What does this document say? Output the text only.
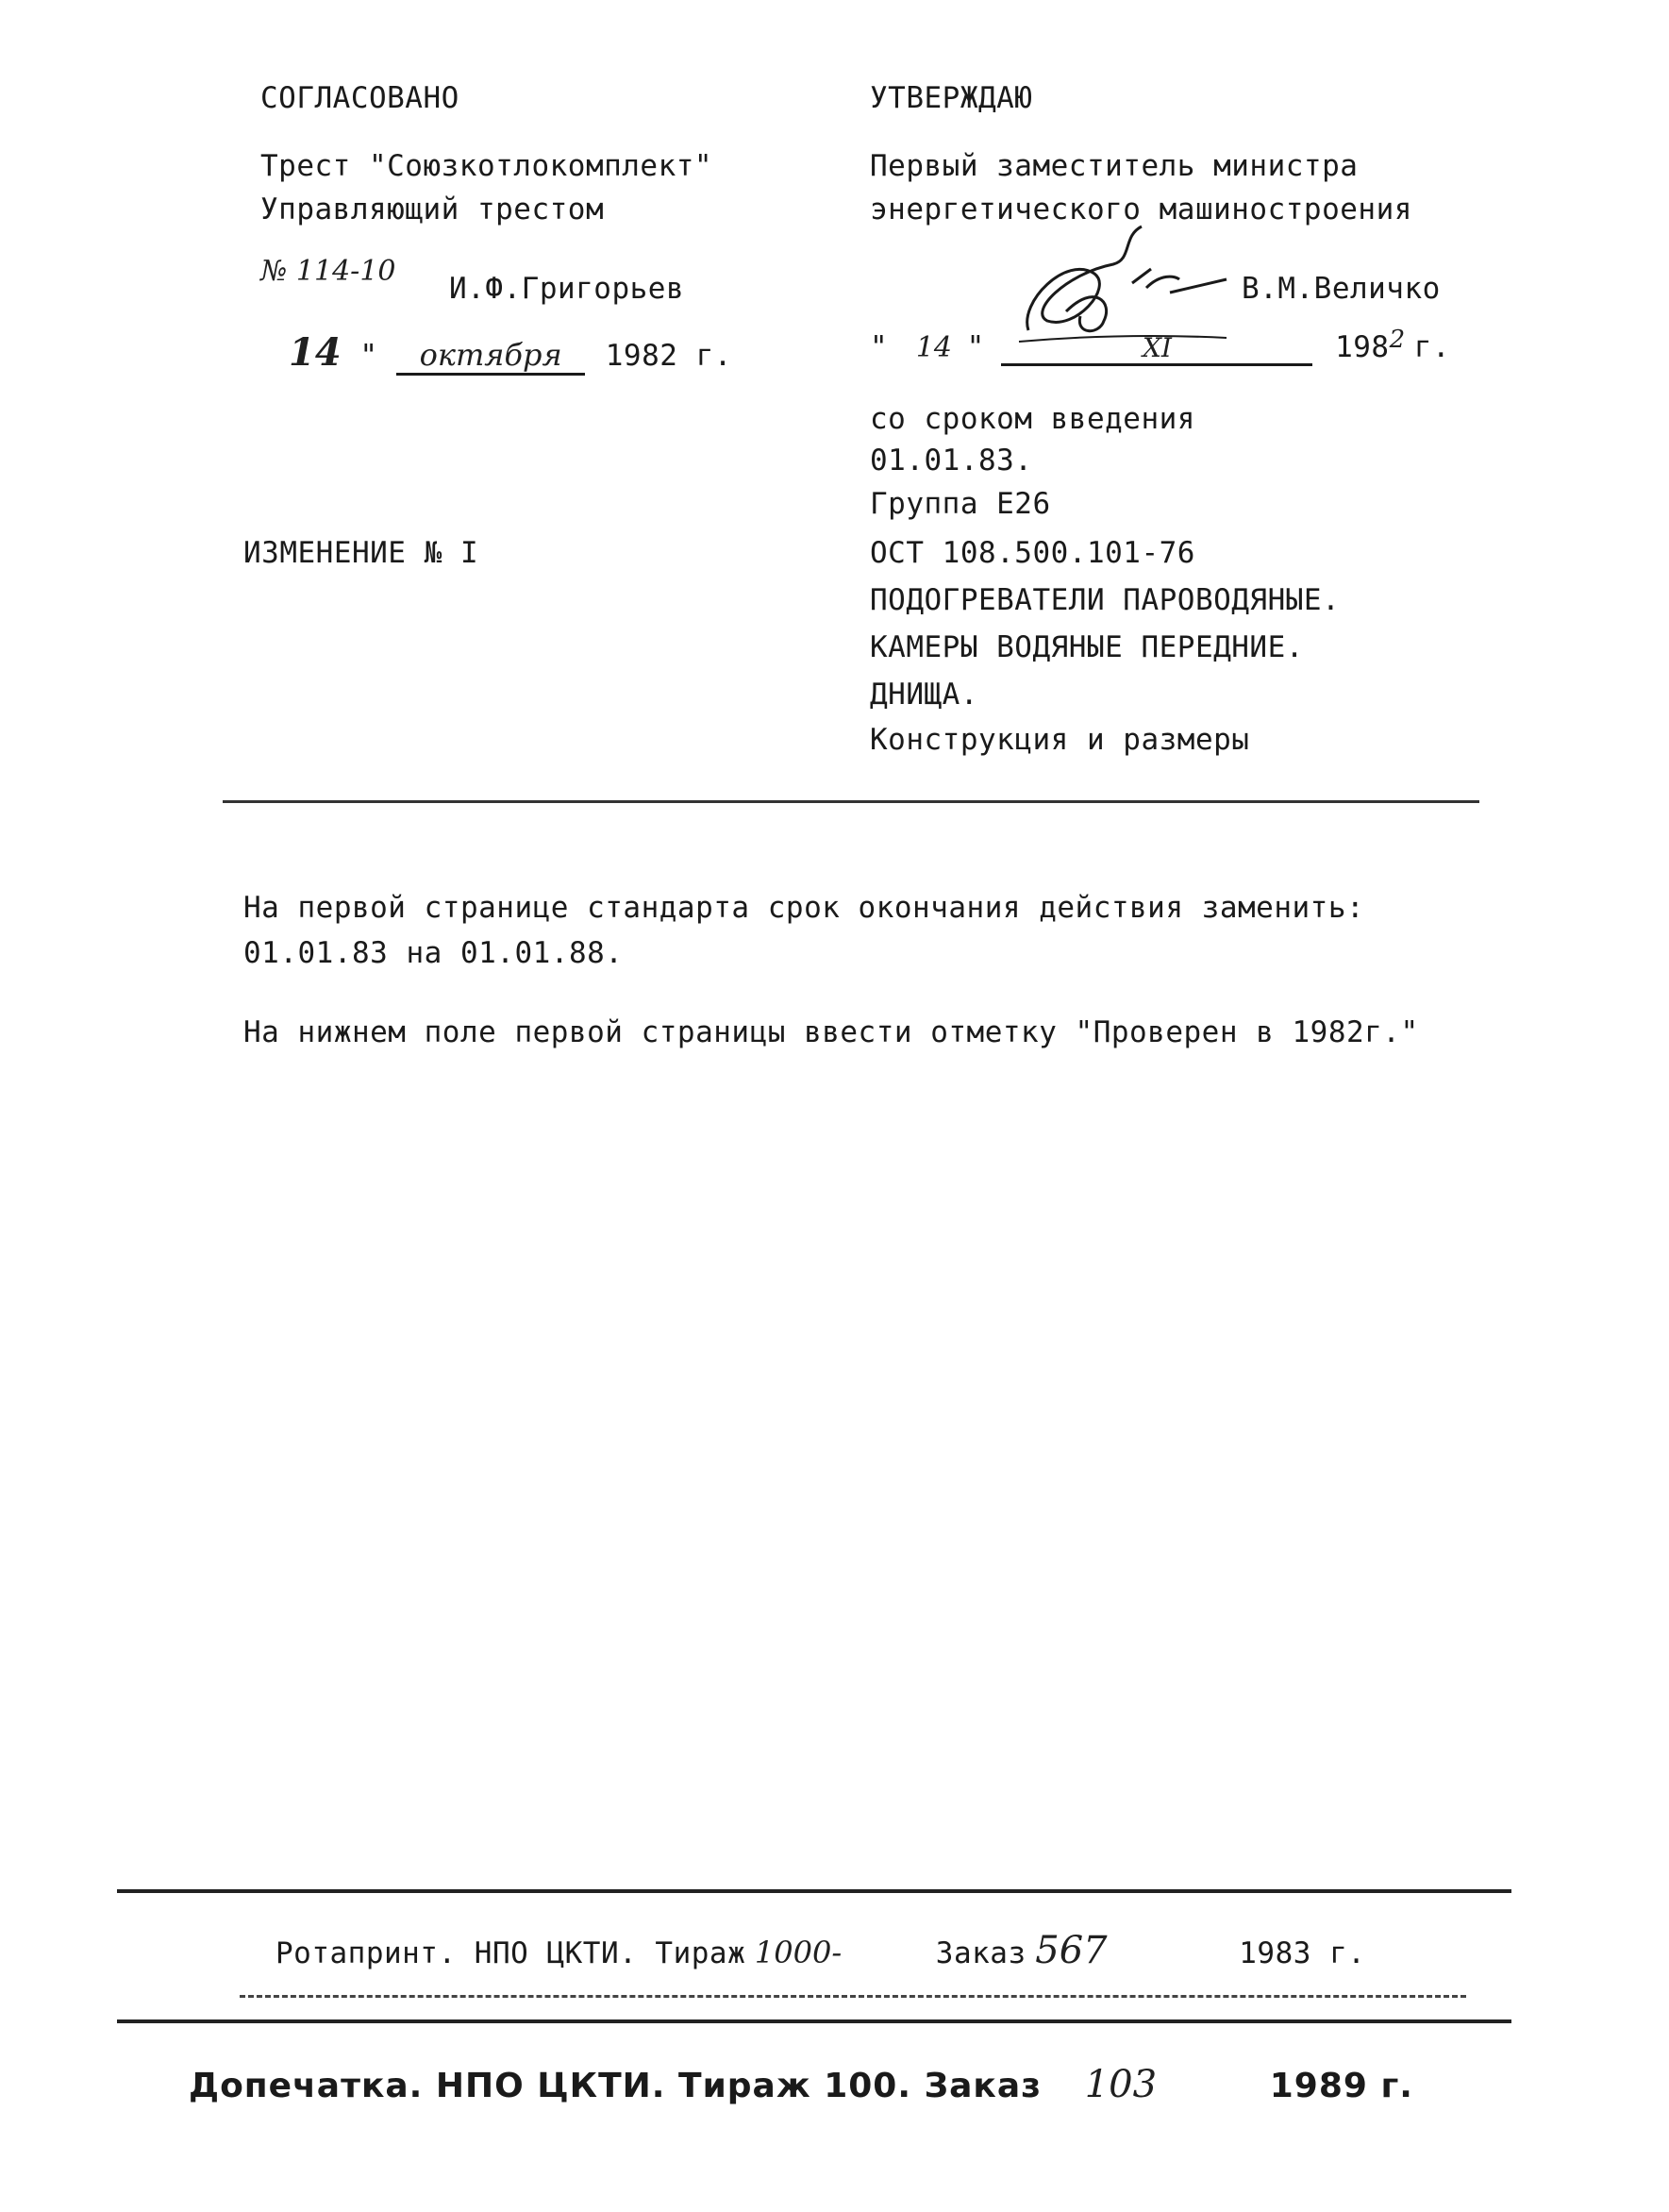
СОГЛАСОВАНО
Трест "Союзкотлокомплект"
Управляющий трестом
№ 114-10
И.Ф.Григорьев
14 " октября 1982 г.
УТВЕРЖДАЮ
Первый заместитель министра
энергетического машиностроения
В.М.Величко
" 14 "	XI	1982 г.
со сроком введения
01.01.83.
Группа Е26
ИЗМЕНЕНИЕ № I	ОСТ 108.500.101-76
ПОДОГРЕВАТЕЛИ ПАРОВОДЯНЫЕ.
КАМЕРЫ ВОДЯНЫЕ ПЕРЕДНИЕ.
ДНИЩА.
Конструкция и размеры
На первой странице стандарта срок окончания действия заменить:
01.01.83 на 01.01.88.
На нижнем поле первой страницы ввести отметку "Проверен в 1982г."
Ротапринт. НПО ЦКТИ. Тираж 1000-	Заказ 567	1983 г.
Допечатка. НПО ЦКТИ. Тираж 100. Заказ 103	1989 г.
